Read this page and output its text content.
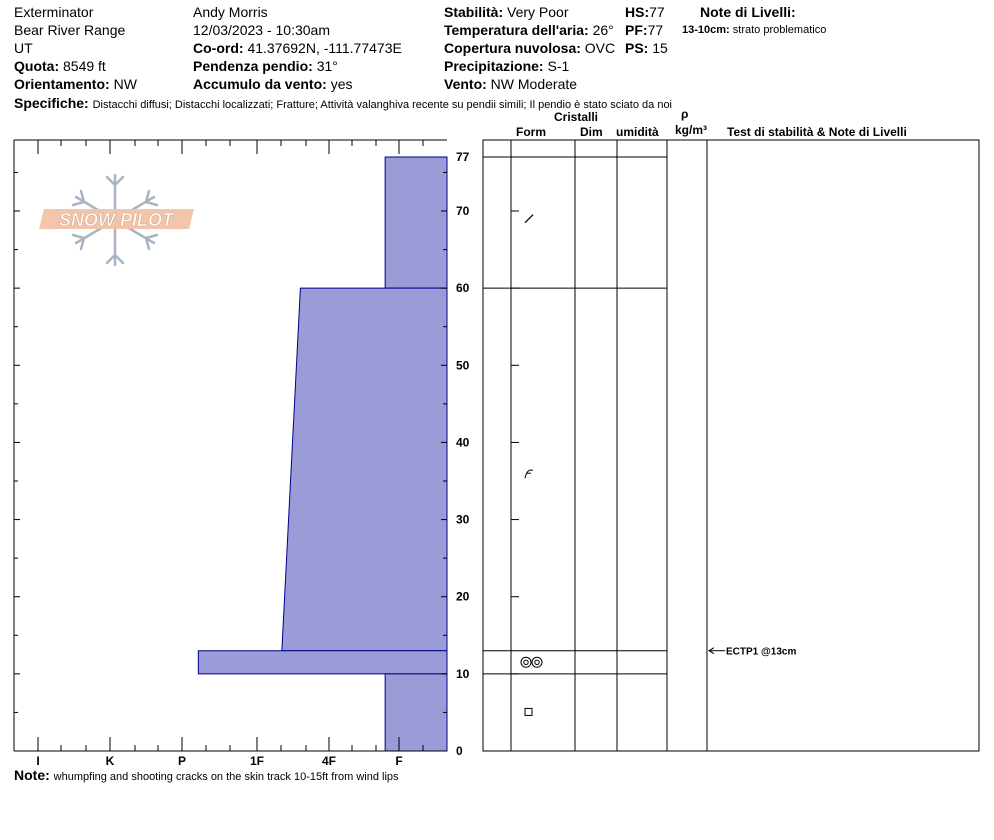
Exterminator
Bear River Range
UT
Quota: 8549 ft
Orientamento: NW
Andy Morris
12/03/2023 - 10:30am
Co-ord: 41.37692N, -111.77473E
Pendenza pendio: 31°
Accumulo da vento: yes
Stabilità: Very Poor
Temperatura dell'aria: 26°
Copertura nuvolosa: OVC
Precipitazione: S-1
Vento: NW Moderate
HS:77
PF:77
PS: 15
Note di Livelli:
13-10cm: strato problematico
Specifiche: Distacchi diffusi; Distacchi localizzati; Fratture; Attività valanghiva recente su pendii simili; Il pendio è stato sciato da noi
Cristalli
Form	Dim umidità
ρ
kg/m³ Test di stabilità & Note di Livelli
SNOW PILOT
I	K	P	1F	4F	F
0
10
20
30
40
50
60
70
77
ECTP1 @13cm
Note: whumpfing and shooting cracks on the skin track 10-15ft from wind lips
